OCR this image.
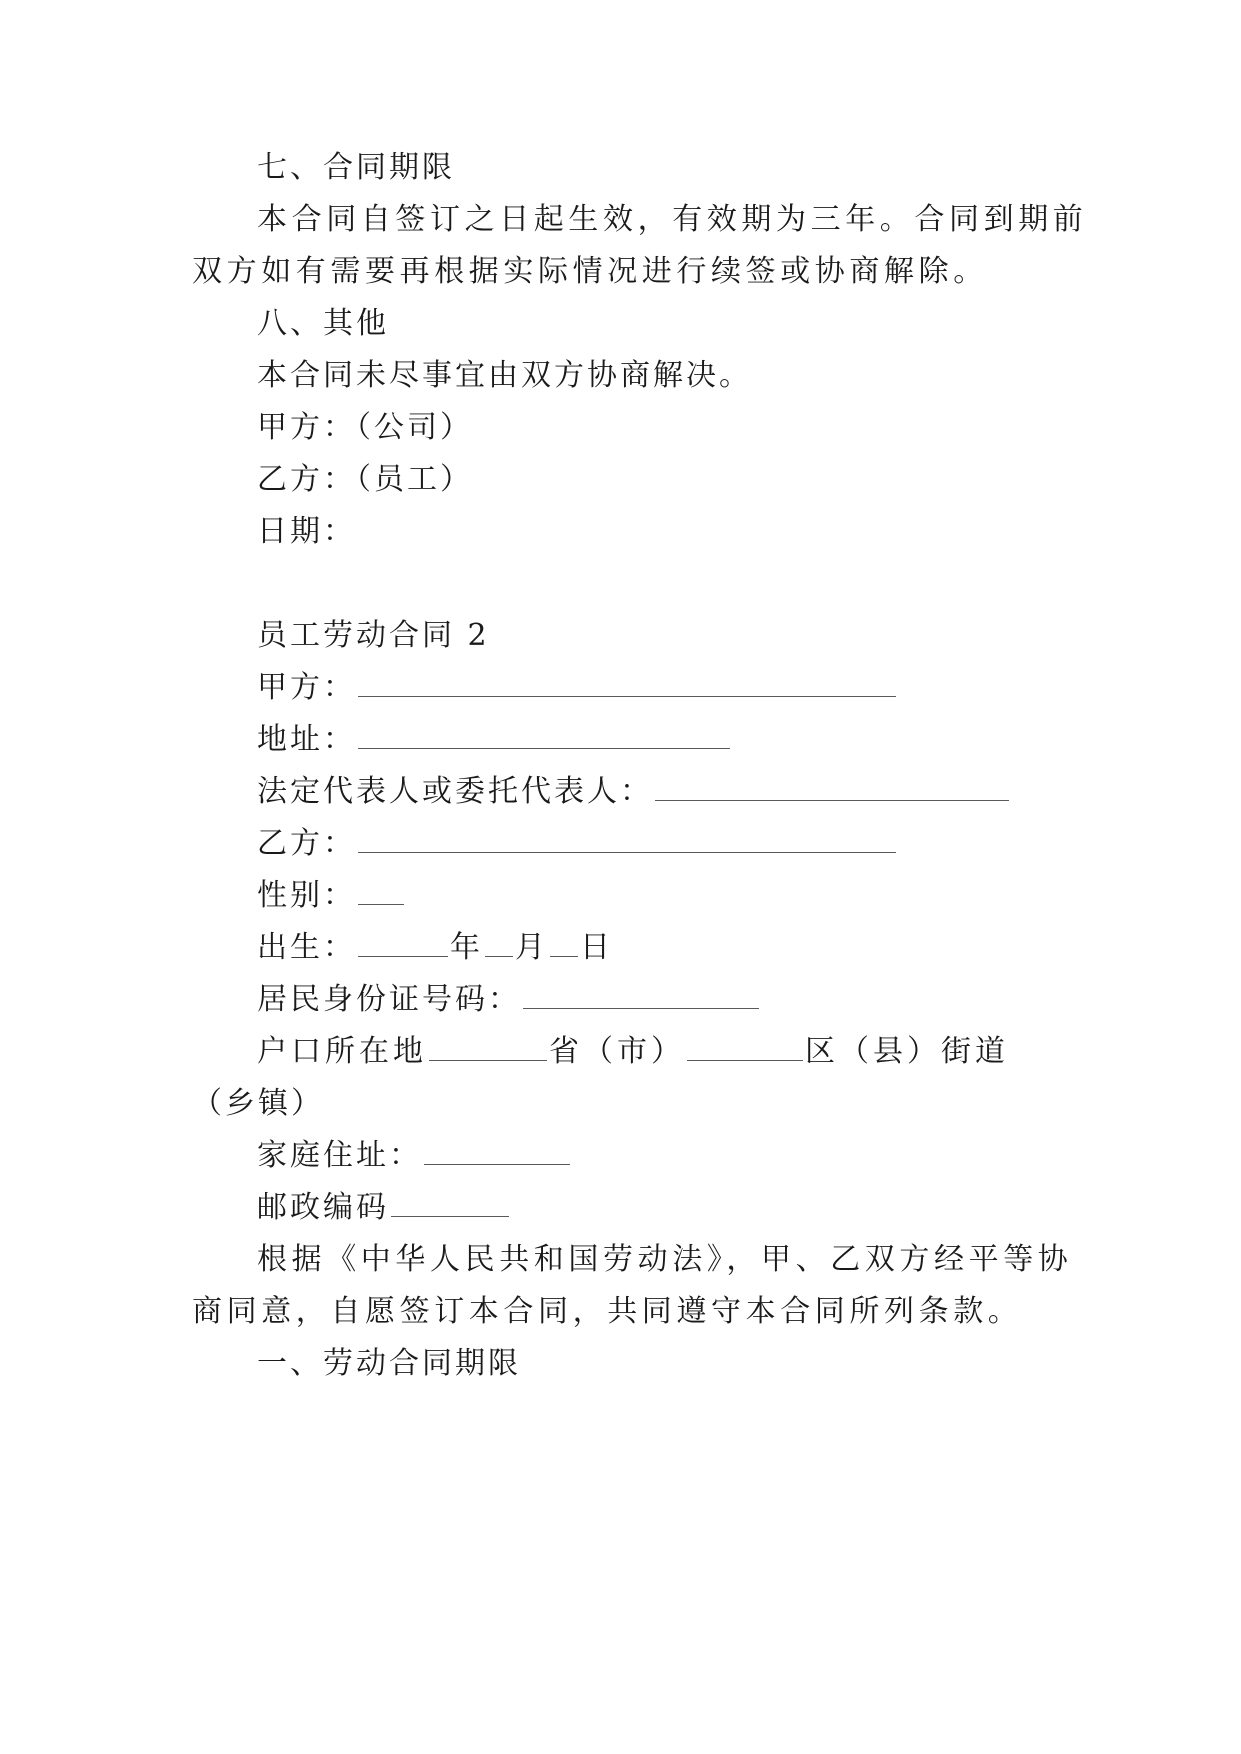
七、合同期限
本合同自签订之日起生效，有效期为三年。合同到期前
双方如有需要再根据实际情况进行续签或协商解除。
八、其他
本合同未尽事宜由双方协商解决。
甲方：（公司）
乙方：（员工）
日期：
员工劳动合同 2
甲方：
地址：
法定代表人或委托代表人：
乙方：
性别：
出生：	年 月 日
居民身份证号码：
户口所在地	省（市）	区（县）街道
（乡镇）
家庭住址：
邮政编码
根据《中华人民共和国劳动法》，甲、乙双方经平等协
商同意，自愿签订本合同，共同遵守本合同所列条款。
一、劳动合同期限
